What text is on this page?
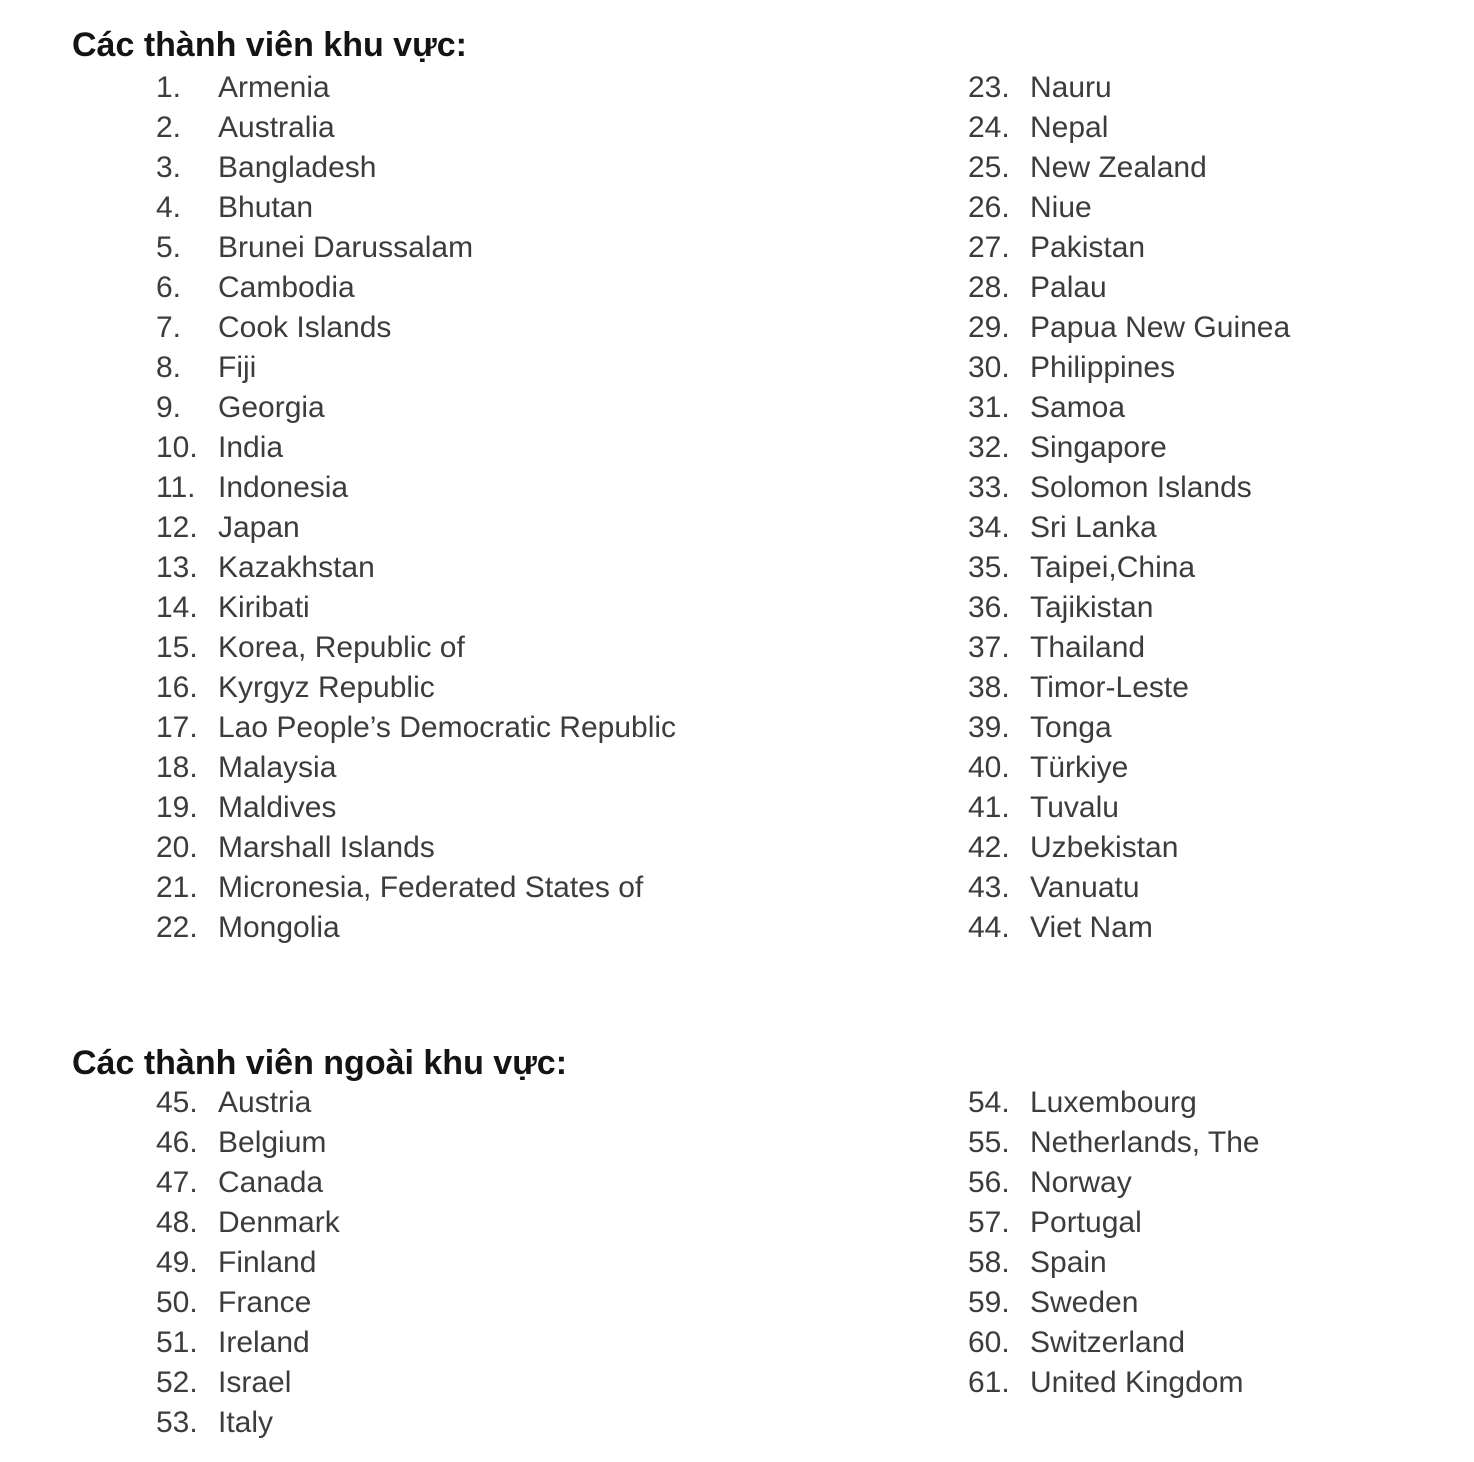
Các thành viên khu vực:
1.	Armenia
2.	Australia
3.	Bangladesh
4.	Bhutan
5.	Brunei Darussalam
6.	Cambodia
7.	Cook Islands
8.	Fiji
9.	Georgia
10. India
11. Indonesia
12. Japan
13. Kazakhstan
14. Kiribati
15. Korea, Republic of
16. Kyrgyz Republic
17. Lao People’s Democratic Republic
18. Malaysia
19. Maldives
20. Marshall Islands
21. Micronesia, Federated States of
22. Mongolia
23. Nauru
24. Nepal
25. New Zealand
26. Niue
27. Pakistan
28. Palau
29. Papua New Guinea
30. Philippines
31. Samoa
32. Singapore
33. Solomon Islands
34. Sri Lanka
35. Taipei,China
36. Tajikistan
37. Thailand
38. Timor-Leste
39. Tonga
40. Türkiye
41. Tuvalu
42. Uzbekistan
43. Vanuatu
44. Viet Nam
Các thành viên ngoài khu vực:
45. Austria
46. Belgium
47. Canada
48. Denmark
49. Finland
50. France
51. Ireland
52. Israel
53. Italy
54. Luxembourg
55. Netherlands, The
56. Norway
57. Portugal
58. Spain
59. Sweden
60. Switzerland
61. United Kingdom
